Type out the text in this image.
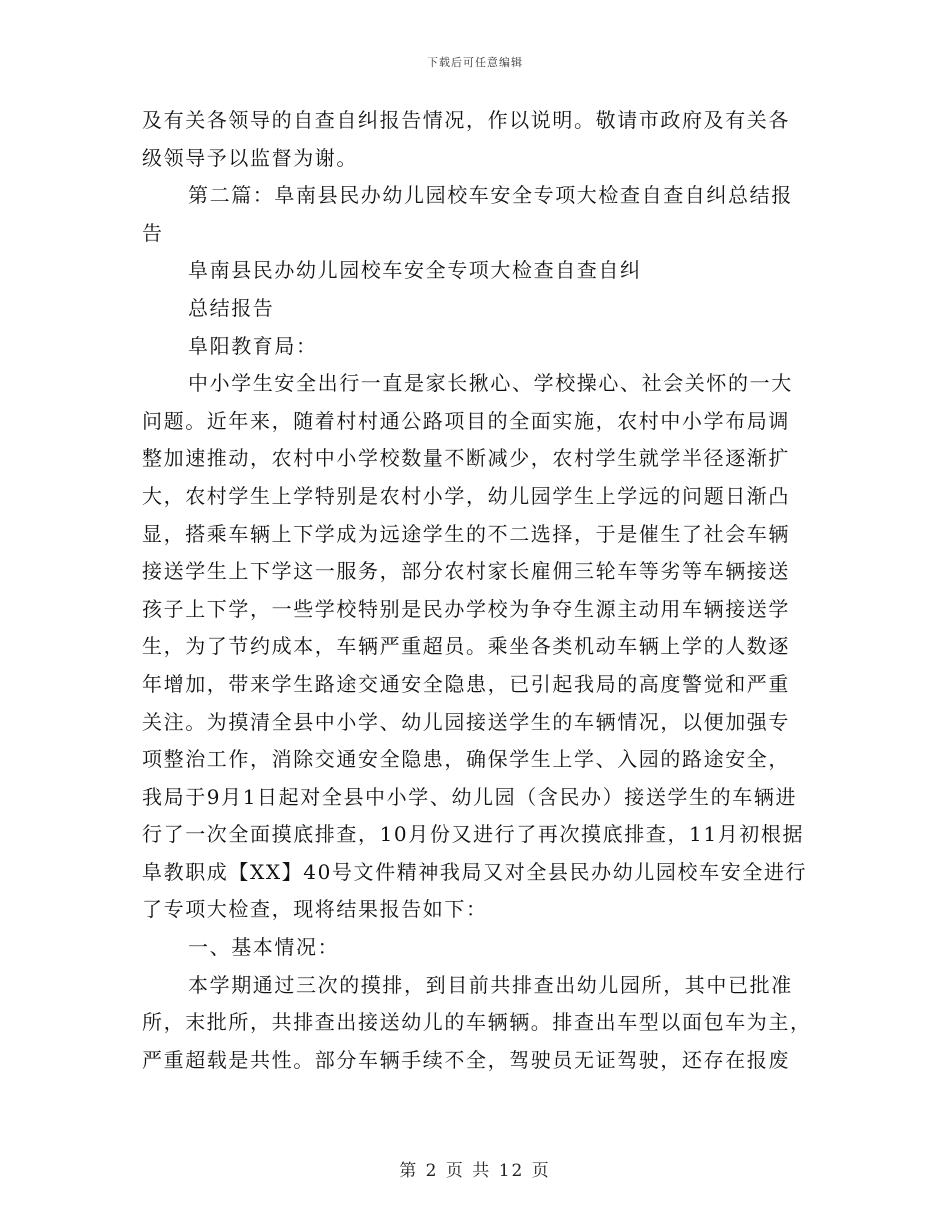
下载后可任意编辑
及有关各领导的自查自纠报告情况，作以说明。敬请市政府及有关各
级领导予以监督为谢。
第二篇：阜南县民办幼儿园校车安全专项大检查自查自纠总结报
告
阜南县民办幼儿园校车安全专项大检查自查自纠
总结报告
阜阳教育局：
中小学生安全出行一直是家长揪心、学校操心、社会关怀的一大
问题。近年来，随着村村通公路项目的全面实施，农村中小学布局调
整加速推动，农村中小学校数量不断减少，农村学生就学半径逐渐扩
大，农村学生上学特别是农村小学，幼儿园学生上学远的问题日渐凸
显，搭乘车辆上下学成为远途学生的不二选择，于是催生了社会车辆
接送学生上下学这一服务，部分农村家长雇佣三轮车等劣等车辆接送
孩子上下学，一些学校特别是民办学校为争夺生源主动用车辆接送学
生，为了节约成本，车辆严重超员。乘坐各类机动车辆上学的人数逐
年增加，带来学生路途交通安全隐患，已引起我局的高度警觉和严重
关注。为摸清全县中小学、幼儿园接送学生的车辆情况，以便加强专
项整治工作，消除交通安全隐患，确保学生上学、入园的路途安全，
我局于9月1日起对全县中小学、幼儿园（含民办）接送学生的车辆进
行了一次全面摸底排查，10月份又进行了再次摸底排查，11月初根据
阜教职成【XX】40号文件精神我局又对全县民办幼儿园校车安全进行
了专项大检查，现将结果报告如下：
一、基本情况：
本学期通过三次的摸排，到目前共排查出幼儿园所，其中已批准
所，末批所，共排查出接送幼儿的车辆辆。排查出车型以面包车为主，
严重超载是共性。部分车辆手续不全，驾驶员无证驾驶，还存在报废
第 2 页 共 12 页
